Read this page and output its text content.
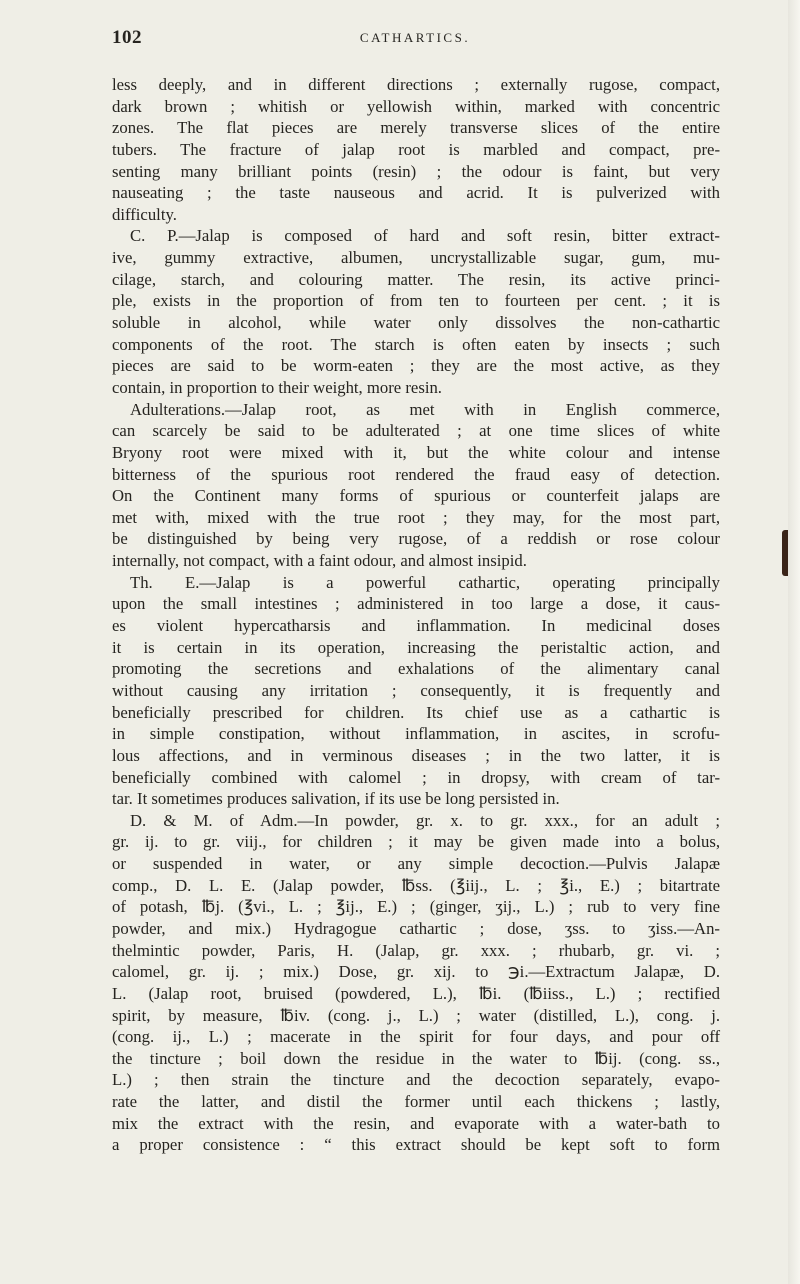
102	CATHARTICS.
less deeply, and in different directions ; externally rugose, compact,
dark brown ; whitish or yellowish within, marked with concentric
zones. The flat pieces are merely transverse slices of the entire
tubers. The fracture of jalap root is marbled and compact, pre-
senting many brilliant points (resin) ; the odour is faint, but very
nauseating ; the taste nauseous and acrid. It is pulverized with
difficulty.
C. P.—Jalap is composed of hard and soft resin, bitter extract-
ive, gummy extractive, albumen, uncrystallizable sugar, gum, mu-
cilage, starch, and colouring matter. The resin, its active princi-
ple, exists in the proportion of from ten to fourteen per cent. ; it is
soluble in alcohol, while water only dissolves the non-cathartic
components of the root. The starch is often eaten by insects ; such
pieces are said to be worm-eaten ; they are the most active, as they
contain, in proportion to their weight, more resin.
Adulterations.—Jalap root, as met with in English commerce,
can scarcely be said to be adulterated ; at one time slices of white
Bryony root were mixed with it, but the white colour and intense
bitterness of the spurious root rendered the fraud easy of detection.
On the Continent many forms of spurious or counterfeit jalaps are
met with, mixed with the true root ; they may, for the most part,
be distinguished by being very rugose, of a reddish or rose colour
internally, not compact, with a faint odour, and almost insipid.
Th. E.—Jalap is a powerful cathartic, operating principally
upon the small intestines ; administered in too large a dose, it caus-
es violent hypercatharsis and inflammation. In medicinal doses
it is certain in its operation, increasing the peristaltic action, and
promoting the secretions and exhalations of the alimentary canal
without causing any irritation ; consequently, it is frequently and
beneficially prescribed for children. Its chief use as a cathartic is
in simple constipation, without inflammation, in ascites, in scrofu-
lous affections, and in verminous diseases ; in the two latter, it is
beneficially combined with calomel ; in dropsy, with cream of tar-
tar. It sometimes produces salivation, if its use be long persisted in.
D. & M. of Adm.—In powder, gr. x. to gr. xxx., for an adult ;
gr. ij. to gr. viij., for children ; it may be given made into a bolus,
or suspended in water, or any simple decoction.—Pulvis Jalapæ
comp., D. L. E. (Jalap powder, ℔ss. (℥iij., L. ; ℥i., E.) ; bitartrate
of potash, ℔j. (℥vi., L. ; ℥ij., E.) ; (ginger, ʒij., L.) ; rub to very fine
powder, and mix.) Hydragogue cathartic ; dose, ʒss. to ʒiss.—An-
thelmintic powder, Paris, H. (Jalap, gr. xxx. ; rhubarb, gr. vi. ;
calomel, gr. ij. ; mix.) Dose, gr. xij. to ℈i.—Extractum Jalapæ, D.
L. (Jalap root, bruised (powdered, L.), ℔i. (℔iiss., L.) ; rectified
spirit, by measure, ℔iv. (cong. j., L.) ; water (distilled, L.), cong. j.
(cong. ij., L.) ; macerate in the spirit for four days, and pour off
the tincture ; boil down the residue in the water to ℔ij. (cong. ss.,
L.) ; then strain the tincture and the decoction separately, evapo-
rate the latter, and distil the former until each thickens ; lastly,
mix the extract with the resin, and evaporate with a water-bath to
a proper consistence : “ this extract should be kept soft to form
